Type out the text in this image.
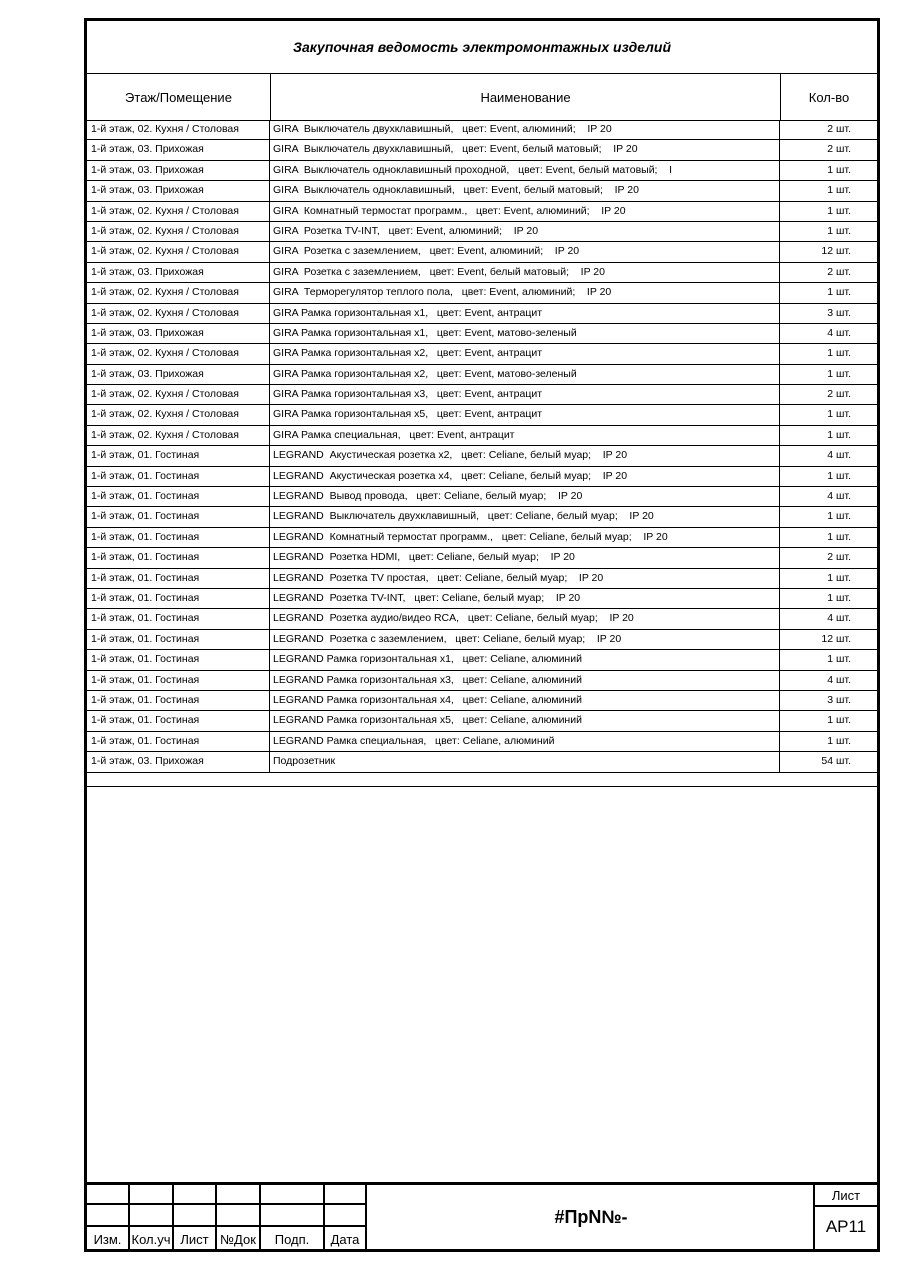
Закупочная ведомость электромонтажных изделий
Этаж/Помещение	Наименование	Кол-во
1-й этаж, 02. Кухня / Столовая	GIRA  Выключатель двухклавишный,   цвет: Event, алюминий;    IP 20	2 шт.
1-й этаж, 03. Прихожая	GIRA  Выключатель двухклавишный,   цвет: Event, белый матовый;    IP 20	2 шт.
1-й этаж, 03. Прихожая	GIRA  Выключатель одноклавишный проходной,   цвет: Event, белый матовый;    I	1 шт.
1-й этаж, 03. Прихожая	GIRA  Выключатель одноклавишный,   цвет: Event, белый матовый;    IP 20	1 шт.
1-й этаж, 02. Кухня / Столовая	GIRA  Комнатный термостат программ.,   цвет: Event, алюминий;    IP 20	1 шт.
1-й этаж, 02. Кухня / Столовая	GIRA  Розетка TV-INT,   цвет: Event, алюминий;    IP 20	1 шт.
1-й этаж, 02. Кухня / Столовая	GIRA  Розетка с заземлением,   цвет: Event, алюминий;    IP 20	12 шт.
1-й этаж, 03. Прихожая	GIRA  Розетка с заземлением,   цвет: Event, белый матовый;    IP 20	2 шт.
1-й этаж, 02. Кухня / Столовая	GIRA  Терморегулятор теплого пола,   цвет: Event, алюминий;    IP 20	1 шт.
1-й этаж, 02. Кухня / Столовая	GIRA Рамка горизонтальная x1,   цвет: Event, антрацит	3 шт.
1-й этаж, 03. Прихожая	GIRA Рамка горизонтальная x1,   цвет: Event, матово-зеленый	4 шт.
1-й этаж, 02. Кухня / Столовая	GIRA Рамка горизонтальная x2,   цвет: Event, антрацит	1 шт.
1-й этаж, 03. Прихожая	GIRA Рамка горизонтальная x2,   цвет: Event, матово-зеленый	1 шт.
1-й этаж, 02. Кухня / Столовая	GIRA Рамка горизонтальная x3,   цвет: Event, антрацит	2 шт.
1-й этаж, 02. Кухня / Столовая	GIRA Рамка горизонтальная x5,   цвет: Event, антрацит	1 шт.
1-й этаж, 02. Кухня / Столовая	GIRA Рамка специальная,   цвет: Event, антрацит	1 шт.
1-й этаж, 01. Гостиная	LEGRAND  Акустическая розетка x2,   цвет: Celiane, белый муар;    IP 20	4 шт.
1-й этаж, 01. Гостиная	LEGRAND  Акустическая розетка x4,   цвет: Celiane, белый муар;    IP 20	1 шт.
1-й этаж, 01. Гостиная	LEGRAND  Вывод провода,   цвет: Celiane, белый муар;    IP 20	4 шт.
1-й этаж, 01. Гостиная	LEGRAND  Выключатель двухклавишный,   цвет: Celiane, белый муар;    IP 20	1 шт.
1-й этаж, 01. Гостиная	LEGRAND  Комнатный термостат программ.,   цвет: Celiane, белый муар;    IP 20	1 шт.
1-й этаж, 01. Гостиная	LEGRAND  Розетка HDMI,   цвет: Celiane, белый муар;    IP 20	2 шт.
1-й этаж, 01. Гостиная	LEGRAND  Розетка TV простая,   цвет: Celiane, белый муар;    IP 20	1 шт.
1-й этаж, 01. Гостиная	LEGRAND  Розетка TV-INT,   цвет: Celiane, белый муар;    IP 20	1 шт.
1-й этаж, 01. Гостиная	LEGRAND  Розетка аудио/видео RCA,   цвет: Celiane, белый муар;    IP 20	4 шт.
1-й этаж, 01. Гостиная	LEGRAND  Розетка с заземлением,   цвет: Celiane, белый муар;    IP 20	12 шт.
1-й этаж, 01. Гостиная	LEGRAND Рамка горизонтальная x1,   цвет: Celiane, алюминий	1 шт.
1-й этаж, 01. Гостиная	LEGRAND Рамка горизонтальная x3,   цвет: Celiane, алюминий	4 шт.
1-й этаж, 01. Гостиная	LEGRAND Рамка горизонтальная x4,   цвет: Celiane, алюминий	3 шт.
1-й этаж, 01. Гостиная	LEGRAND Рамка горизонтальная x5,   цвет: Celiane, алюминий	1 шт.
1-й этаж, 01. Гостиная	LEGRAND Рамка специальная,   цвет: Celiane, алюминий	1 шт.
1-й этаж, 03. Прихожая	Подрозетник	54 шт.
Изм. Кол.уч Лист №Док	Подп.	Дата
#ПрN№-
Лист
АР11
